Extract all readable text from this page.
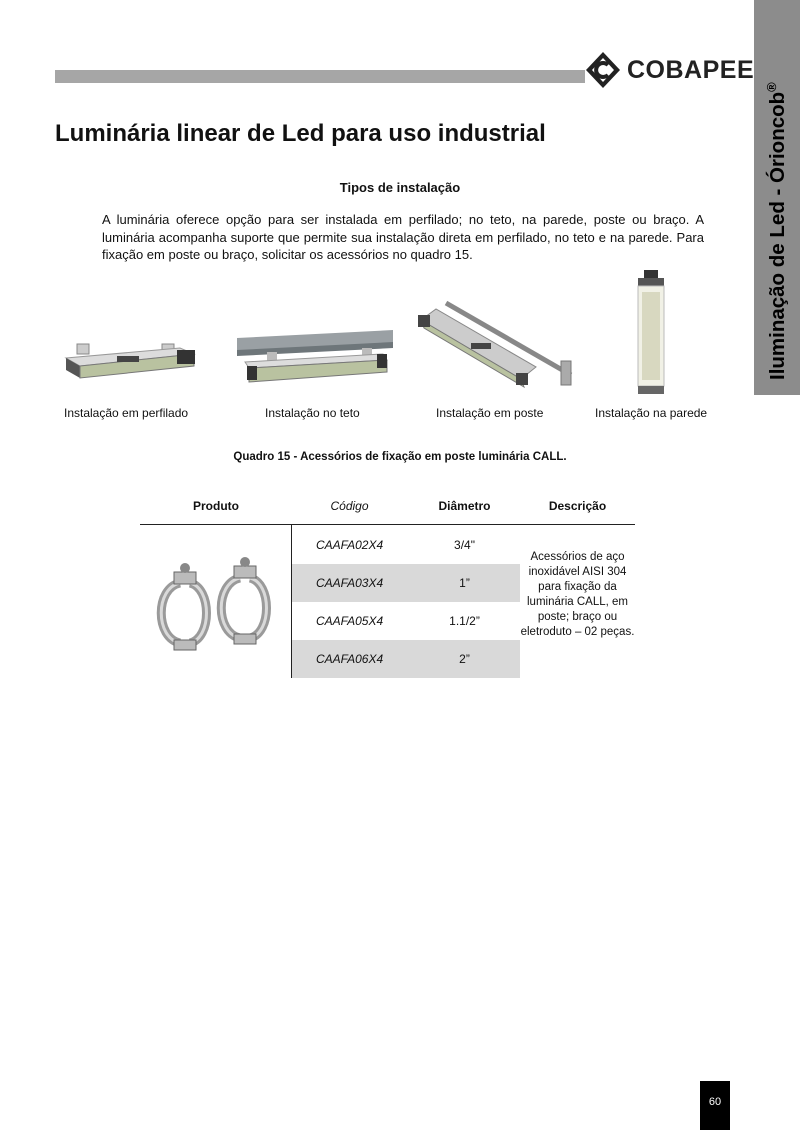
COBAPEE
Iluminação de Led - Órioncob®
Luminária linear de Led para uso industrial
Tipos de instalação

A luminária oferece opção para ser instalada em perfilado; no teto, na parede, poste ou braço. A luminária acompanha suporte que permite sua instalação direta em perfilado, no teto e na parede. Para fixação em poste ou braço, solicitar os acessórios no quadro 15.

Instalação em perfilado	Instalação no teto	Instalação em poste	Instalação na parede
Quadro 15 - Acessórios de fixação em poste luminária CALL.
Produto	Código	Diâmetro	Descrição
CAAFA02X4	3/4"
CAAFA03X4	1”
CAAFA05X4	1.1/2”
CAAFA06X4	2”
Acessórios de aço inoxidável AISI 304 para fixação da luminária CALL, em poste; braço ou eletroduto – 02 peças.
60
